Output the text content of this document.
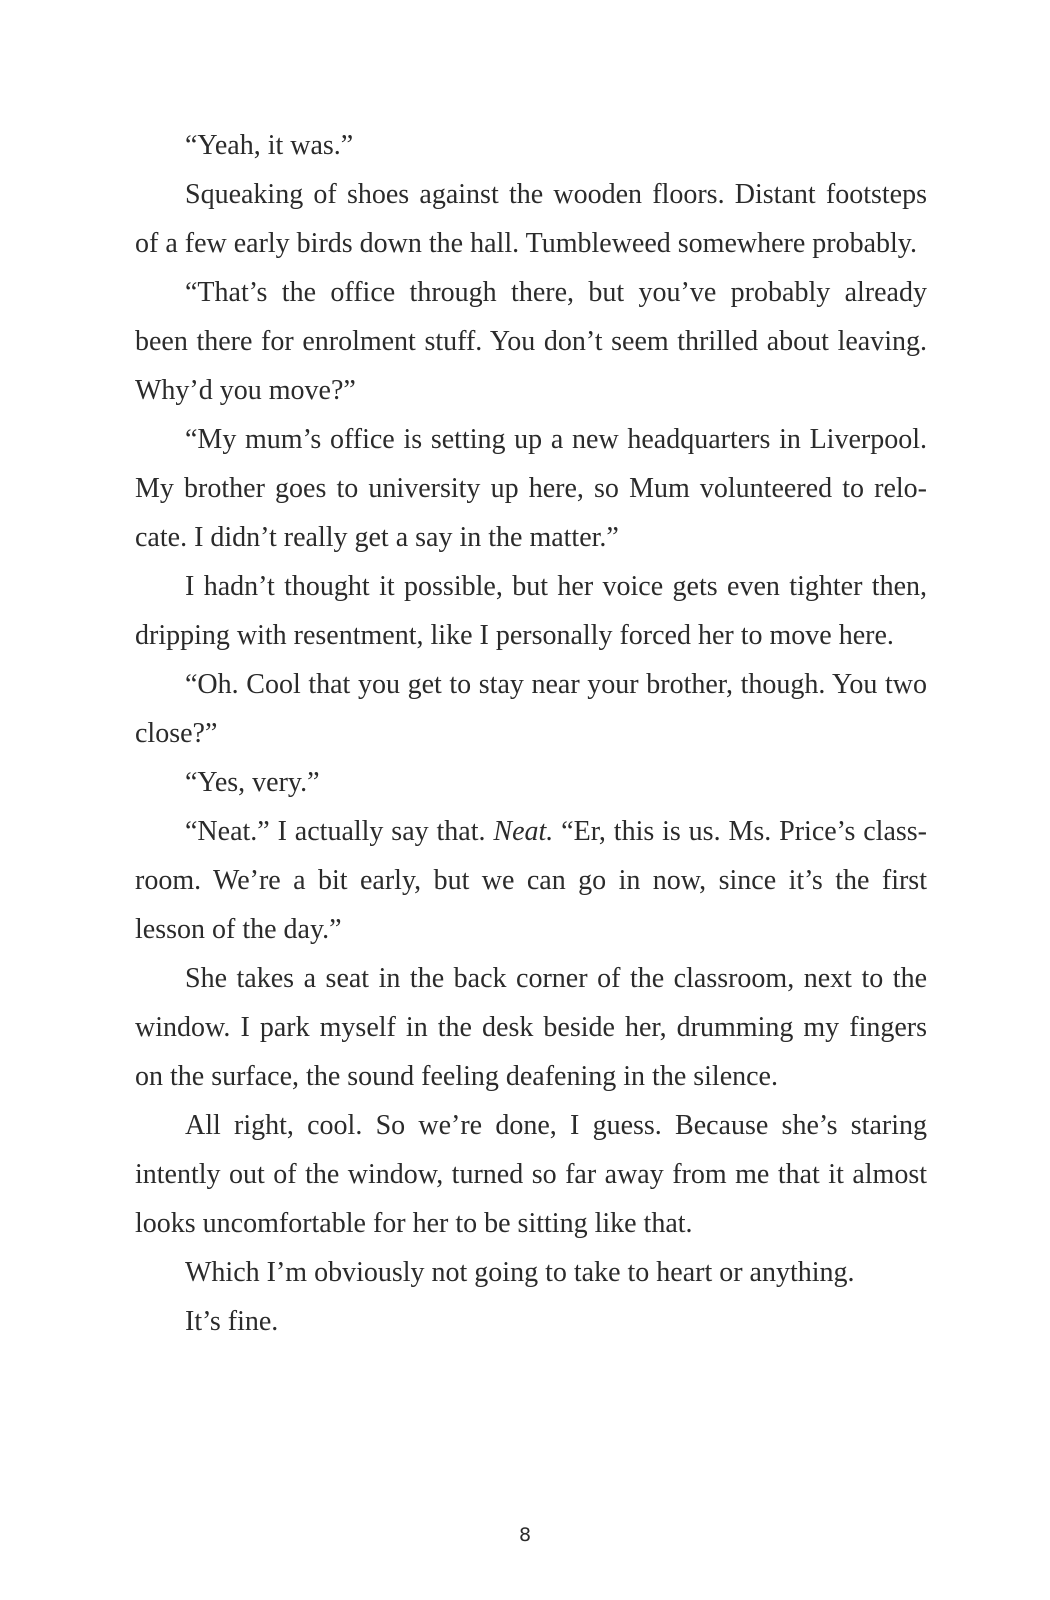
“Yeah, it was.”

Squeaking of shoes against the wooden floors. Distant footsteps of a few early birds down the hall. Tumbleweed somewhere probably.

“That’s the office through there, but you’ve probably already been there for enrolment stuff. You don’t seem thrilled about leaving. Why’d you move?”

“My mum’s office is setting up a new headquarters in Liverpool. My brother goes to university up here, so Mum volunteered to relocate. I didn’t really get a say in the matter.”

I hadn’t thought it possible, but her voice gets even tighter then, dripping with resentment, like I personally forced her to move here.

“Oh. Cool that you get to stay near your brother, though. You two close?”

“Yes, very.”

“Neat.” I actually say that. Neat. “Er, this is us. Ms. Price’s classroom. We’re a bit early, but we can go in now, since it’s the first lesson of the day.”

She takes a seat in the back corner of the classroom, next to the window. I park myself in the desk beside her, drumming my fingers on the surface, the sound feeling deafening in the silence.

All right, cool. So we’re done, I guess. Because she’s staring intently out of the window, turned so far away from me that it almost looks uncomfortable for her to be sitting like that.

Which I’m obviously not going to take to heart or anything.

It’s fine.

8
